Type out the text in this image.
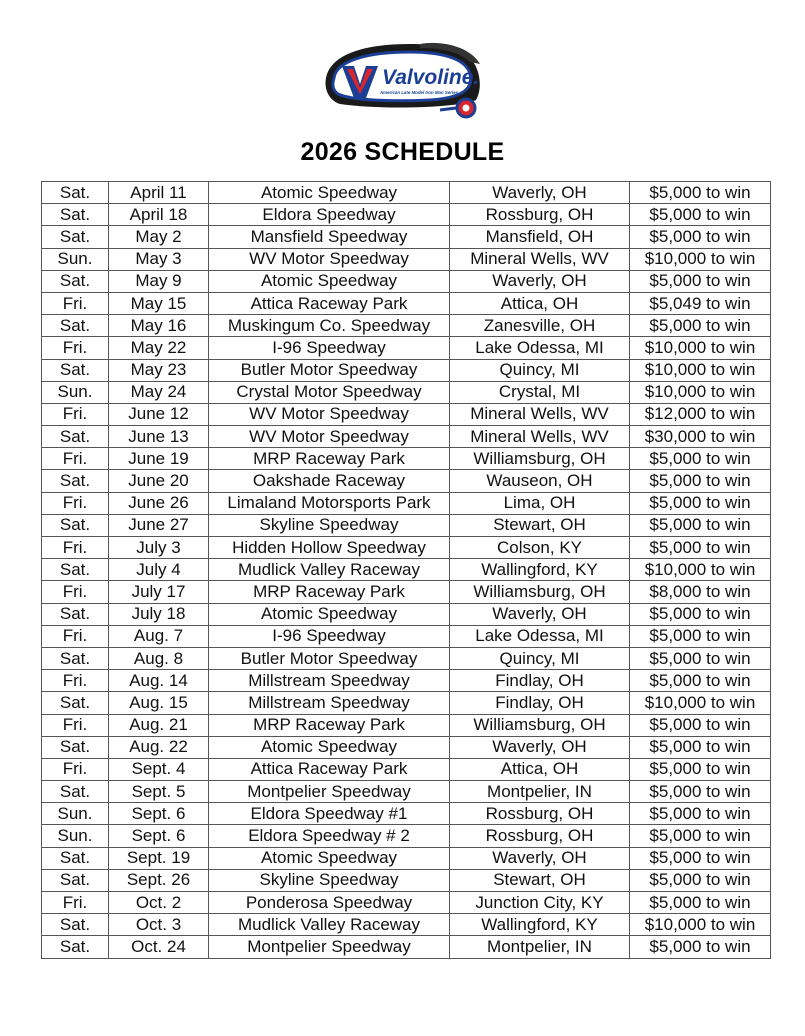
Valvoline.
American Late Model Iron Man Series
2026 SCHEDULE
Sat.	April 11	Atomic Speedway	Waverly, OH	$5,000 to win
Sat.	April 18	Eldora Speedway	Rossburg, OH	$5,000 to win
Sat.	May 2	Mansfield Speedway	Mansfield, OH	$5,000 to win
Sun.	May 3	WV Motor Speedway	Mineral Wells, WV	$10,000 to win
Sat.	May 9	Atomic Speedway	Waverly, OH	$5,000 to win
Fri.	May 15	Attica Raceway Park	Attica, OH	$5,049 to win
Sat.	May 16	Muskingum Co. Speedway	Zanesville, OH	$5,000 to win
Fri.	May 22	I-96 Speedway	Lake Odessa, MI	$10,000 to win
Sat.	May 23	Butler Motor Speedway	Quincy, MI	$10,000 to win
Sun.	May 24	Crystal Motor Speedway	Crystal, MI	$10,000 to win
Fri.	June 12	WV Motor Speedway	Mineral Wells, WV	$12,000 to win
Sat.	June 13	WV Motor Speedway	Mineral Wells, WV	$30,000 to win
Fri.	June 19	MRP Raceway Park	Williamsburg, OH	$5,000 to win
Sat.	June 20	Oakshade Raceway	Wauseon, OH	$5,000 to win
Fri.	June 26	Limaland Motorsports Park	Lima, OH	$5,000 to win
Sat.	June 27	Skyline Speedway	Stewart, OH	$5,000 to win
Fri.	July 3	Hidden Hollow Speedway	Colson, KY	$5,000 to win
Sat.	July 4	Mudlick Valley Raceway	Wallingford, KY	$10,000 to win
Fri.	July 17	MRP Raceway Park	Williamsburg, OH	$8,000 to win
Sat.	July 18	Atomic Speedway	Waverly, OH	$5,000 to win
Fri.	Aug. 7	I-96 Speedway	Lake Odessa, MI	$5,000 to win
Sat.	Aug. 8	Butler Motor Speedway	Quincy, MI	$5,000 to win
Fri.	Aug. 14	Millstream Speedway	Findlay, OH	$5,000 to win
Sat.	Aug. 15	Millstream Speedway	Findlay, OH	$10,000 to win
Fri.	Aug. 21	MRP Raceway Park	Williamsburg, OH	$5,000 to win
Sat.	Aug. 22	Atomic Speedway	Waverly, OH	$5,000 to win
Fri.	Sept. 4	Attica Raceway Park	Attica, OH	$5,000 to win
Sat.	Sept. 5	Montpelier Speedway	Montpelier, IN	$5,000 to win
Sun.	Sept. 6	Eldora Speedway #1	Rossburg, OH	$5,000 to win
Sun.	Sept. 6	Eldora Speedway # 2	Rossburg, OH	$5,000 to win
Sat.	Sept. 19	Atomic Speedway	Waverly, OH	$5,000 to win
Sat.	Sept. 26	Skyline Speedway	Stewart, OH	$5,000 to win
Fri.	Oct. 2	Ponderosa Speedway	Junction City, KY	$5,000 to win
Sat.	Oct. 3	Mudlick Valley Raceway	Wallingford, KY	$10,000 to win
Sat.	Oct. 24	Montpelier Speedway	Montpelier, IN	$5,000 to win
